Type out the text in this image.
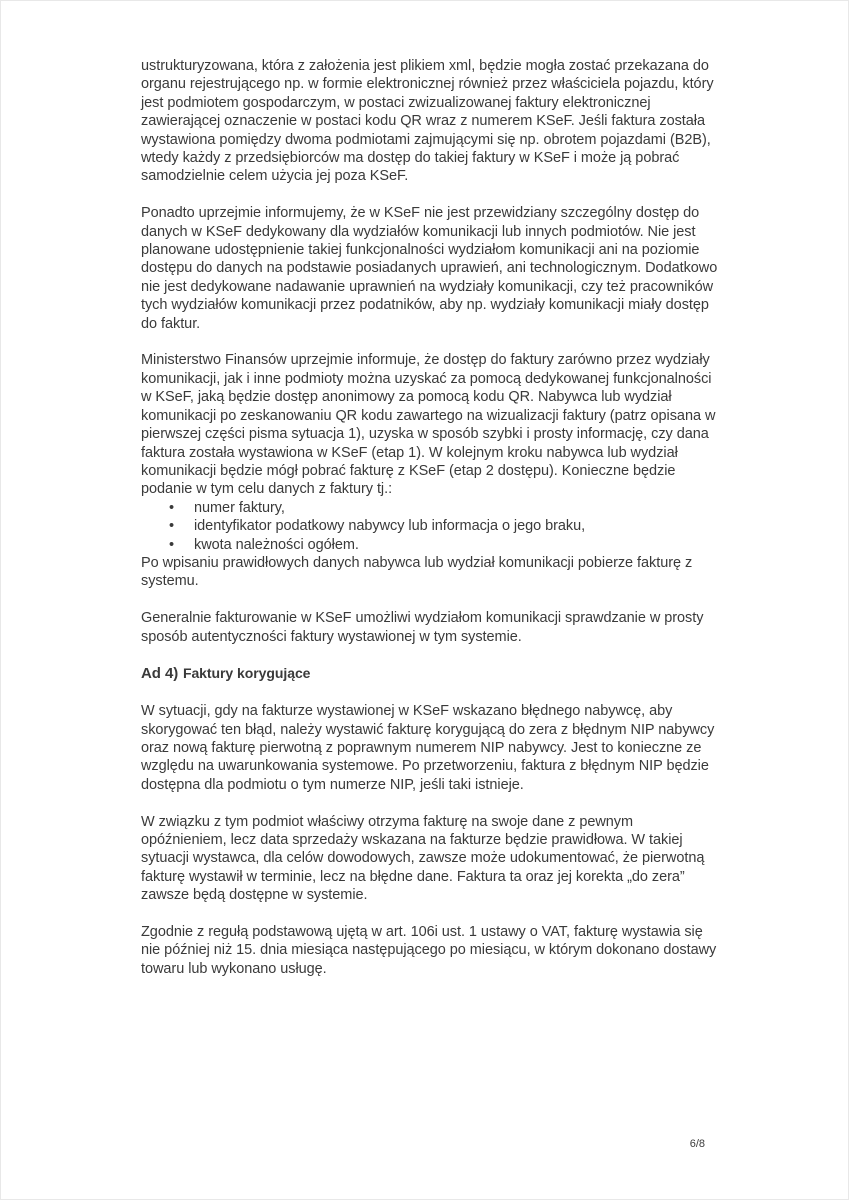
ustrukturyzowana, która z założenia jest plikiem xml, będzie mogła zostać przekazana do organu rejestrującego np. w formie elektronicznej również przez właściciela pojazdu, który jest podmiotem gospodarczym, w postaci zwizualizowanej faktury elektronicznej zawierającej oznaczenie w postaci kodu QR wraz z numerem KSeF. Jeśli faktura została wystawiona pomiędzy dwoma podmiotami zajmującymi się np. obrotem pojazdami (B2B), wtedy każdy z przedsiębiorców ma dostęp do takiej faktury w KSeF i może ją pobrać samodzielnie celem użycia jej poza KSeF.

Ponadto uprzejmie informujemy, że w KSeF nie jest przewidziany szczególny dostęp do danych w KSeF dedykowany dla wydziałów komunikacji lub innych podmiotów. Nie jest planowane udostępnienie takiej funkcjonalności wydziałom komunikacji ani na poziomie dostępu do danych na podstawie posiadanych uprawień, ani technologicznym. Dodatkowo nie jest dedykowane nadawanie uprawnień na wydziały komunikacji, czy też pracowników tych wydziałów komunikacji przez podatników, aby np. wydziały komunikacji miały dostęp do faktur.

Ministerstwo Finansów uprzejmie informuje, że dostęp do faktury zarówno przez wydziały komunikacji, jak i inne podmioty można uzyskać za pomocą dedykowanej funkcjonalności w KSeF, jaką będzie dostęp anonimowy za pomocą kodu QR. Nabywca lub wydział komunikacji po zeskanowaniu QR kodu zawartego na wizualizacji faktury (patrz opisana w pierwszej części pisma sytuacja 1), uzyska w sposób szybki i prosty informację, czy dana faktura została wystawiona w KSeF (etap 1). W kolejnym kroku nabywca lub wydział komunikacji będzie mógł pobrać fakturę z KSeF (etap 2 dostępu). Konieczne będzie podanie w tym celu danych z faktury tj.:

• numer faktury,
• identyfikator podatkowy nabywcy lub informacja o jego braku,
• kwota należności ogółem.

Po wpisaniu prawidłowych danych nabywca lub wydział komunikacji pobierze fakturę z systemu.

Generalnie fakturowanie w KSeF umożliwi wydziałom komunikacji sprawdzanie w prosty sposób autentyczności faktury wystawionej w tym systemie.

Ad 4) Faktury korygujące

W sytuacji, gdy na fakturze wystawionej w KSeF wskazano błędnego nabywcę, aby skorygować ten błąd, należy wystawić fakturę korygującą do zera z błędnym NIP nabywcy oraz nową fakturę pierwotną z poprawnym numerem NIP nabywcy. Jest to konieczne ze względu na uwarunkowania systemowe. Po przetworzeniu, faktura z błędnym NIP będzie dostępna dla podmiotu o tym numerze NIP, jeśli taki istnieje.

W związku z tym podmiot właściwy otrzyma fakturę na swoje dane z pewnym opóźnieniem, lecz data sprzedaży wskazana na fakturze będzie prawidłowa. W takiej sytuacji wystawca, dla celów dowodowych, zawsze może udokumentować, że pierwotną fakturę wystawił w terminie, lecz na błędne dane. Faktura ta oraz jej korekta „do zera” zawsze będą dostępne w systemie.

Zgodnie z regułą podstawową ujętą w art. 106i ust. 1 ustawy o VAT, fakturę wystawia się nie później niż 15. dnia miesiąca następującego po miesiącu, w którym dokonano dostawy towaru lub wykonano usługę.

6/8
